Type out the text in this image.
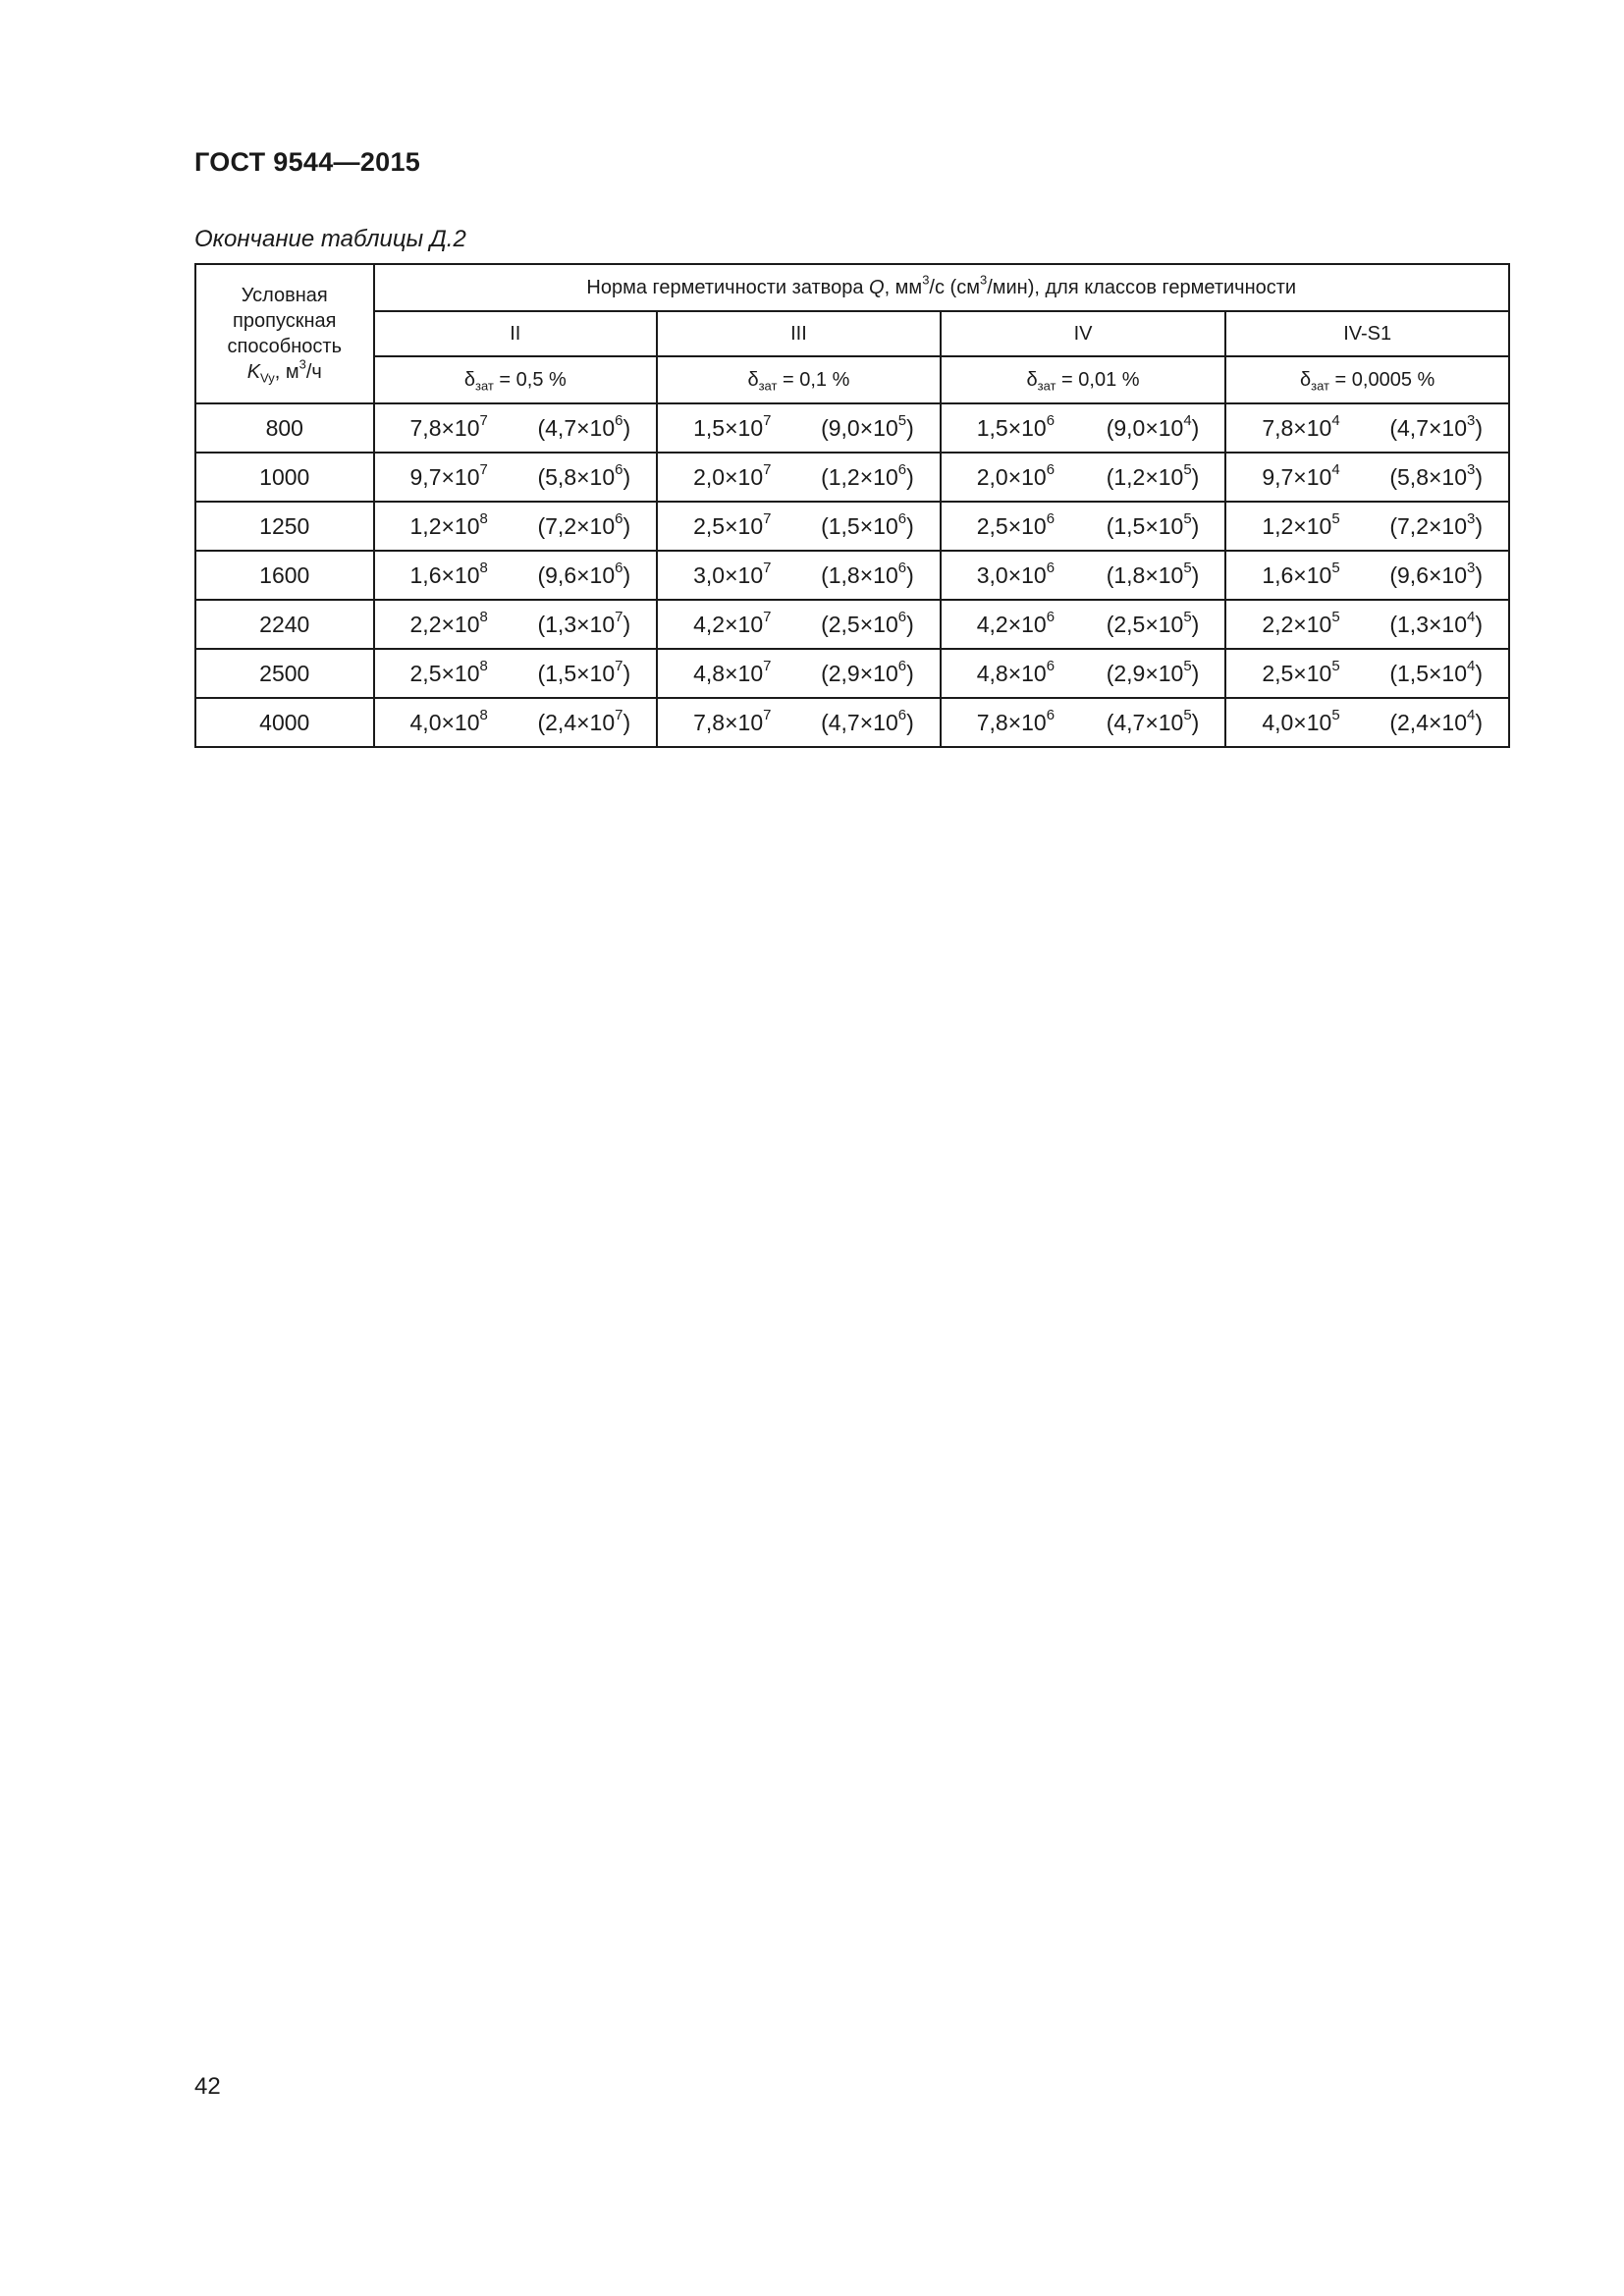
ГОСТ 9544—2015
Окончание таблицы Д.2
Условная
пропускная
способность
$K_{Vy}$, $м^3/ч$	Норма герметичности затвора Q, $мм^3/с$ $(см^3/мин)$, для классов герметичности			
	II	III	IV	IV-S1
	$\delta_{зат} = 0,5$ %	$\delta_{зат} = 0,1$ %	$\delta_{зат} = 0,01$ %	$\delta_{зат} = 0,0005$ %
800	$7,8\times 10^7$ $(4,7\times 10^6)$	$1,5\times 10^7$ $(9,0\times 10^5)$	$1,5\times 10^6$ $(9,0\times 10^4)$	$7,8\times 10^4$ $(4,7\times 10^3)$

1000	$9,7\times 10^7$ $(5,8\times 10^6)$	$2,0\times 10^7$ $(1,2\times 10^6)$	$2,0\times 10^6$ $(1,2\times 10^5)$	$9,7\times 10^4$ $(5,8\times 10^3)$

1250	$1,2\times 10^8$ $(7,2\times 10^6)$	$2,5\times 10^7$ $(1,5\times 10^6)$	$2,5\times 10^6$ $(1,5\times 10^5)$	$1,2\times 10^5$ $(7,2\times 10^3)$

1600	$1,6\times 10^8$ $(9,6\times 10^6)$	$3,0\times 10^7$ $(1,8\times 10^6)$	$3,0\times 10^6$ $(1,8\times 10^5)$	$1,6\times 10^5$ $(9,6\times 10^3)$

2240	$2,2\times 10^8$ $(1,3\times 10^7)$	$4,2\times 10^7$ $(2,5\times 10^6)$	$4,2\times 10^6$ $(2,5\times 10^5)$	$2,2\times 10^5$ $(1,3\times 10^4)$

2500	$2,5\times 10^8$ $(1,5\times 10^7)$	$4,8\times 10^7$ $(2,9\times 10^6)$	$4,8\times 10^6$ $(2,9\times 10^5)$	$2,5\times 10^5$ $(1,5\times 10^4)$

4000	$4,0\times 10^8$ $(2,4\times 10^7)$	$7,8\times 10^7$ $(4,7\times 10^6)$	$7,8\times 10^6$ $(4,7\times 10^5)$	$4,0\times 10^5$ $(2,4\times 10^4)$
42
